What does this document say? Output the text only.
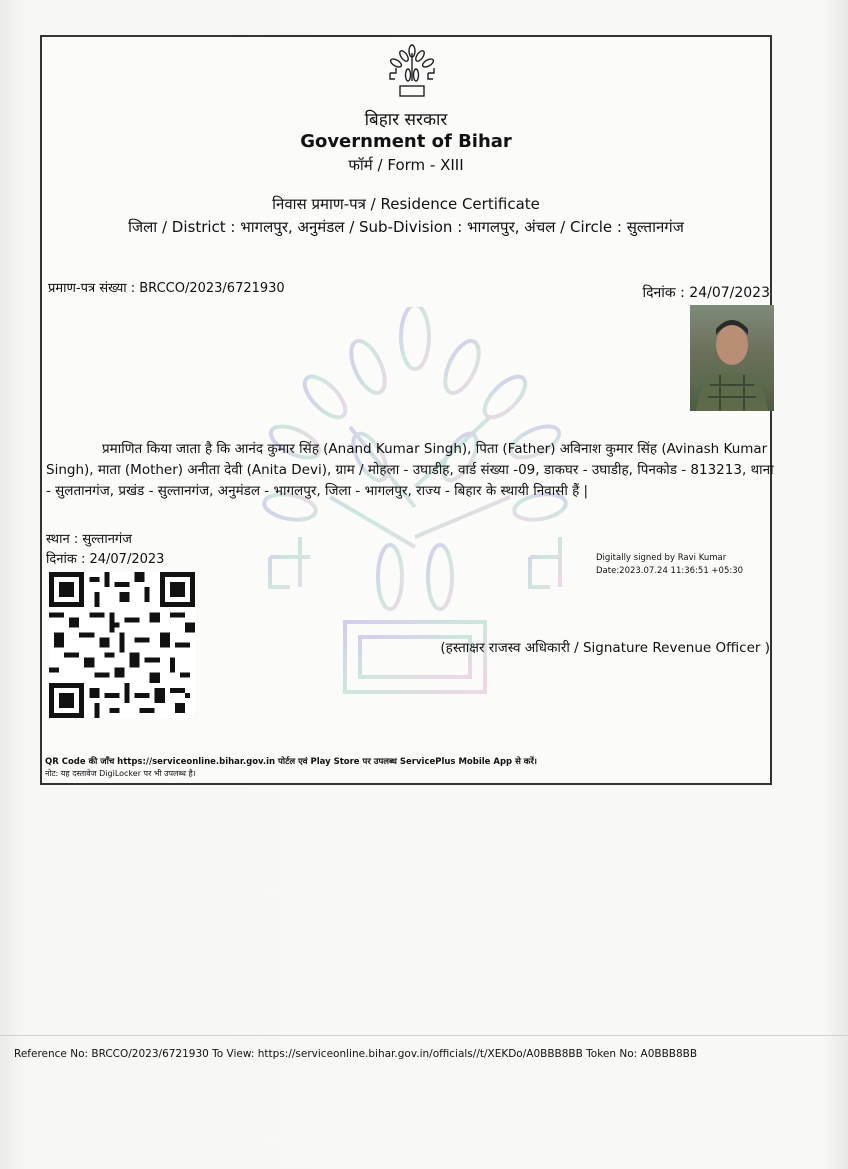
बिहार सरकार
Government of Bihar
फॉर्म / Form - XIII
निवास प्रमाण-पत्र / Residence Certificate
जिला / District : भागलपुर, अनुमंडल / Sub-Division : भागलपुर, अंचल / Circle : सुल्तानगंज
प्रमाण-पत्र संख्या : BRCCO/2023/6721930	दिनांक : 24/07/2023
प्रमाणित किया जाता है कि आनंद कुमार सिंह (Anand Kumar Singh), पिता (Father) अविनाश कुमार सिंह (Avinash Kumar Singh), माता (Mother) अनीता देवी (Anita Devi), ग्राम / मोहला - उघाडीह, वार्ड संख्या -09, डाकघर - उघाडीह, पिनकोड - 813213, थाना - सुलतानगंज, प्रखंड - सुल्तानगंज, अनुमंडल - भागलपुर, जिला - भागलपुर, राज्य - बिहार के स्थायी निवासी हैं |
स्थान : सुल्तानगंज
दिनांक : 24/07/2023	Digitally signed by Ravi Kumar
Date:2023.07.24 11:36:51 +05:30
(हस्ताक्षर राजस्व अधिकारी / Signature Revenue Officer )
QR Code की जाँच https://serviceonline.bihar.gov.in पोर्टल एवं Play Store पर उपलब्ध ServicePlus Mobile App से करें।
नोट: यह दस्तावेज DigiLocker पर भी उपलब्ध है।
Reference No: BRCCO/2023/6721930 To View: https://serviceonline.bihar.gov.in/officials//t/XEKDo/A0BBB8BB Token No: A0BBB8BB
